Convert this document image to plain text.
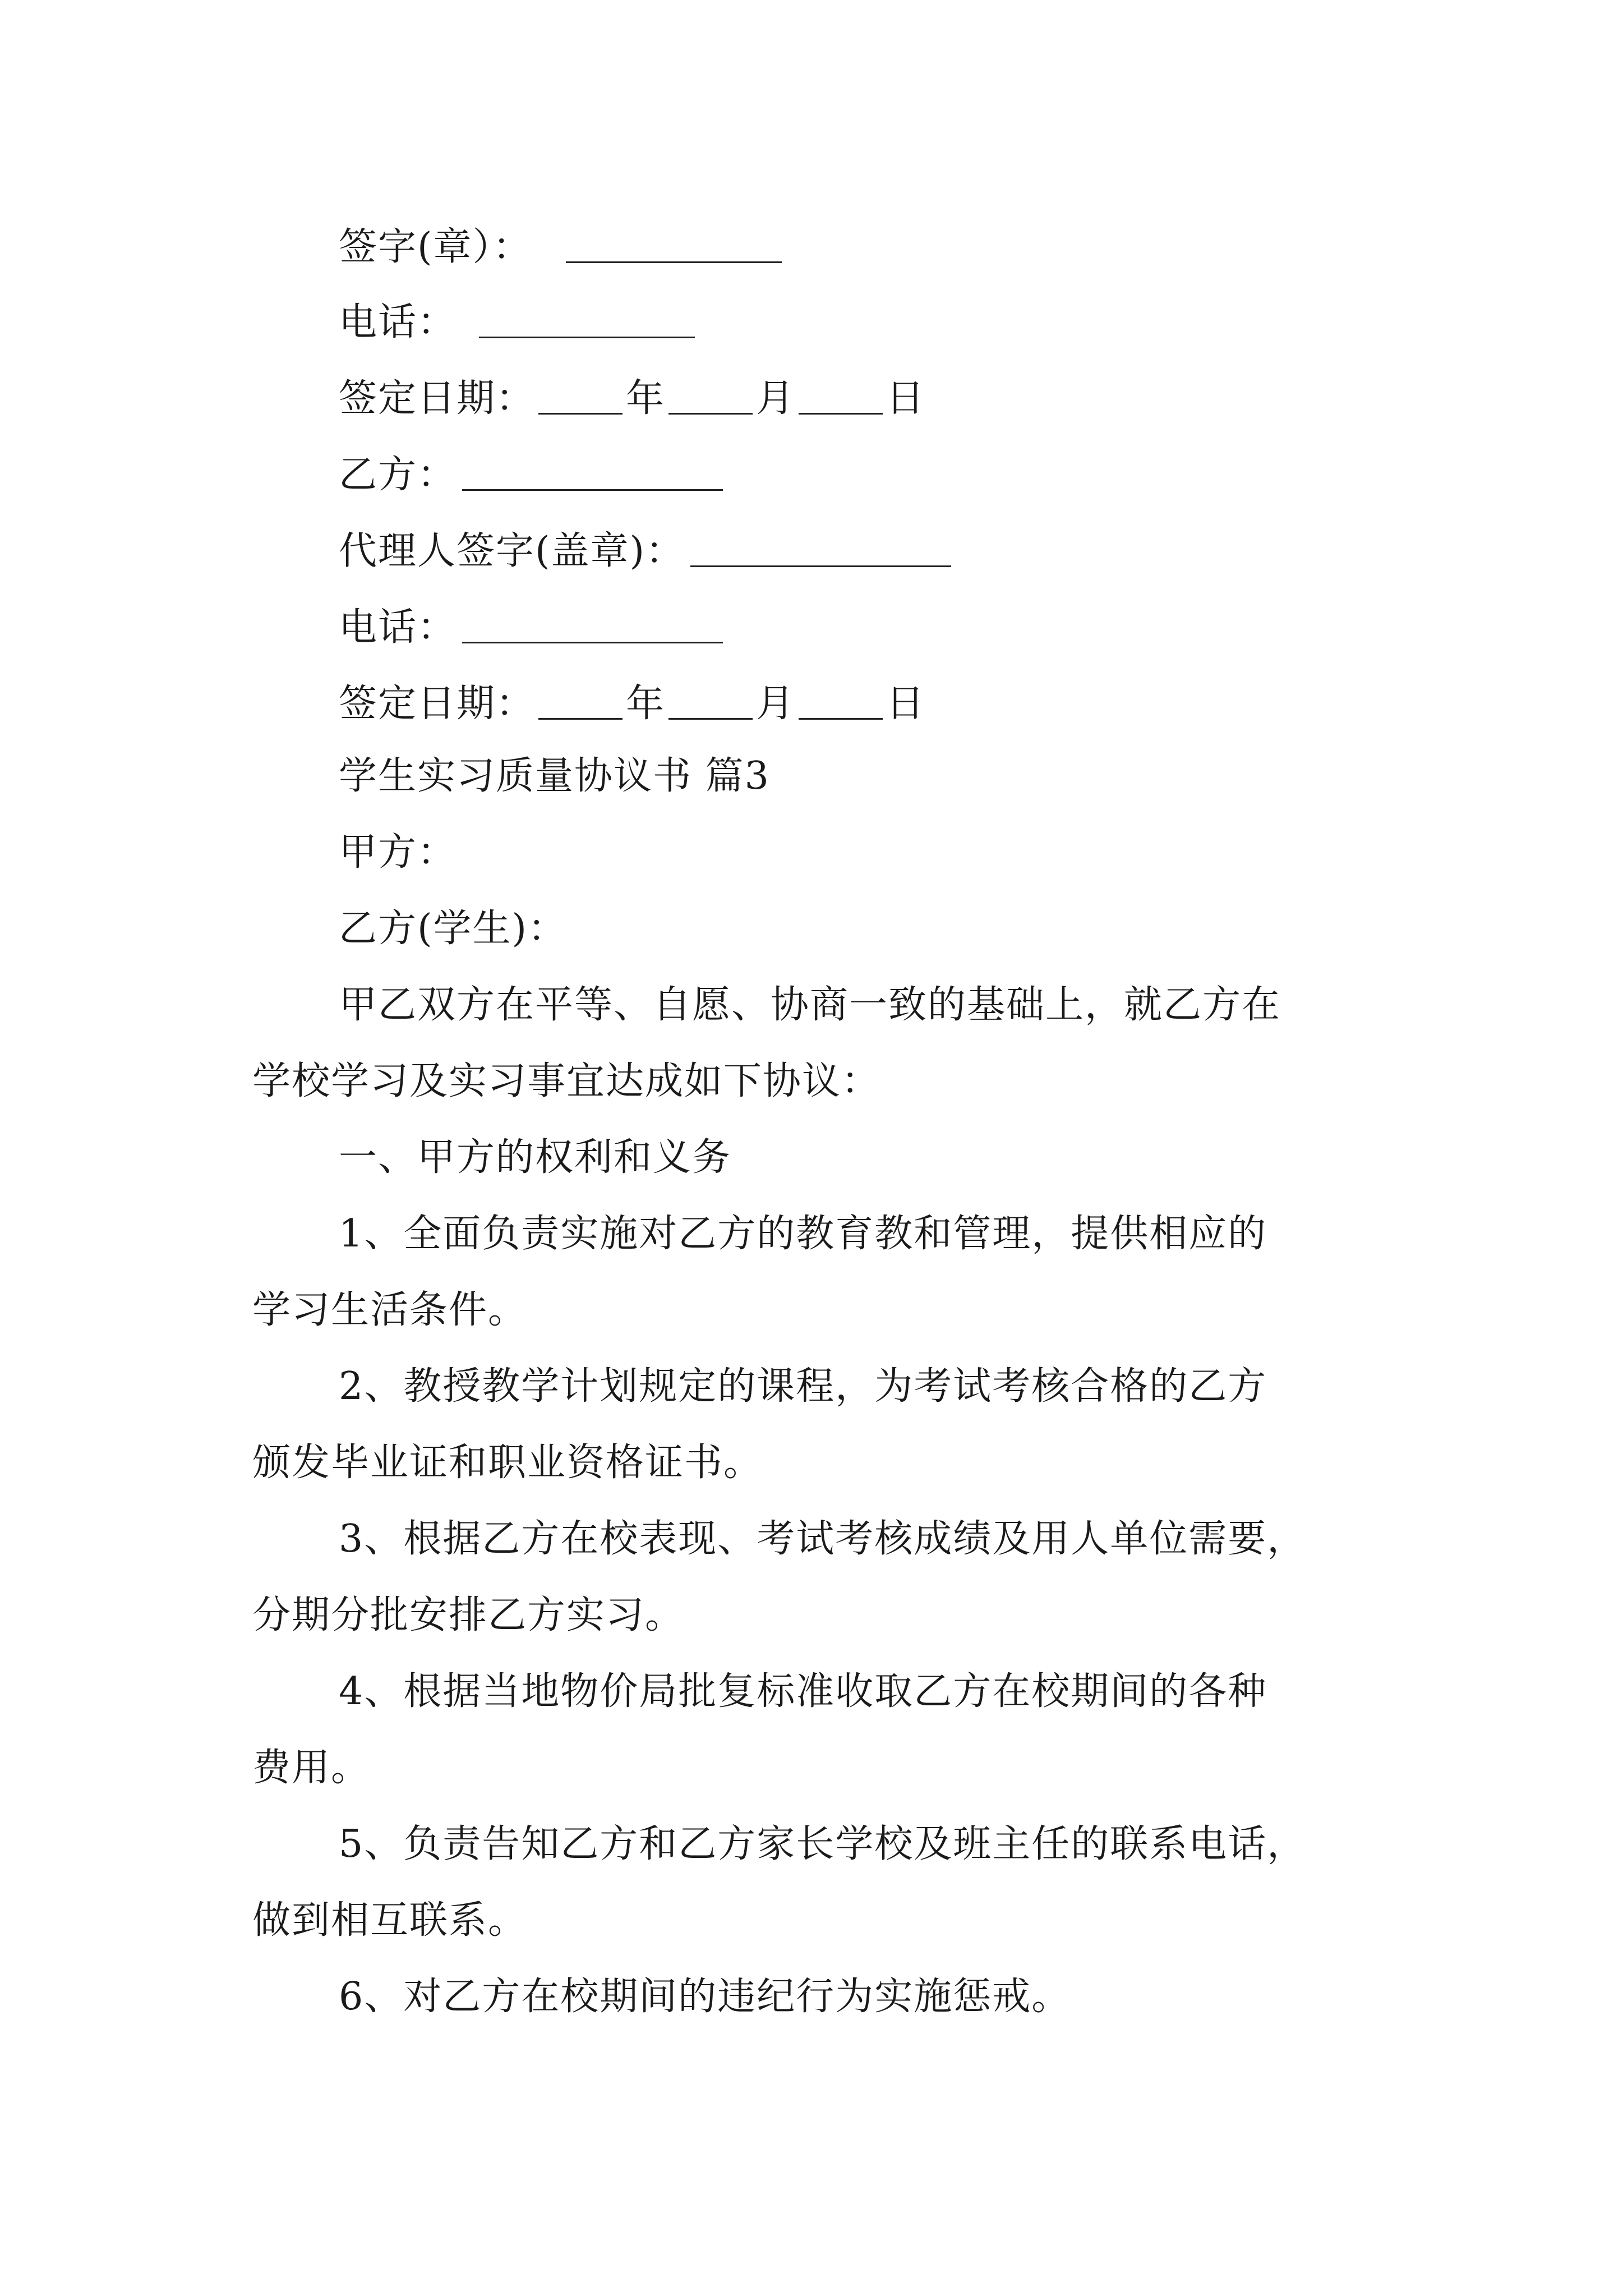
签字(章）：
电话：
签定日期： 年 月 日
乙方：
代理人签字(盖章)：
电话：
签定日期： 年 月 日
学生实习质量协议书 篇3
甲方：
乙方(学生)：
甲乙双方在平等、自愿、协商一致的基础上，就乙方在
学校学习及实习事宜达成如下协议：
一、甲方的权利和义务
1、全面负责实施对乙方的教育教和管理，提供相应的
学习生活条件。
2、教授教学计划规定的课程，为考试考核合格的乙方
颁发毕业证和职业资格证书。
3、根据乙方在校表现、考试考核成绩及用人单位需要，
分期分批安排乙方实习。
4、根据当地物价局批复标准收取乙方在校期间的各种
费用。
5、负责告知乙方和乙方家长学校及班主任的联系电话，
做到相互联系。
6、对乙方在校期间的违纪行为实施惩戒。
